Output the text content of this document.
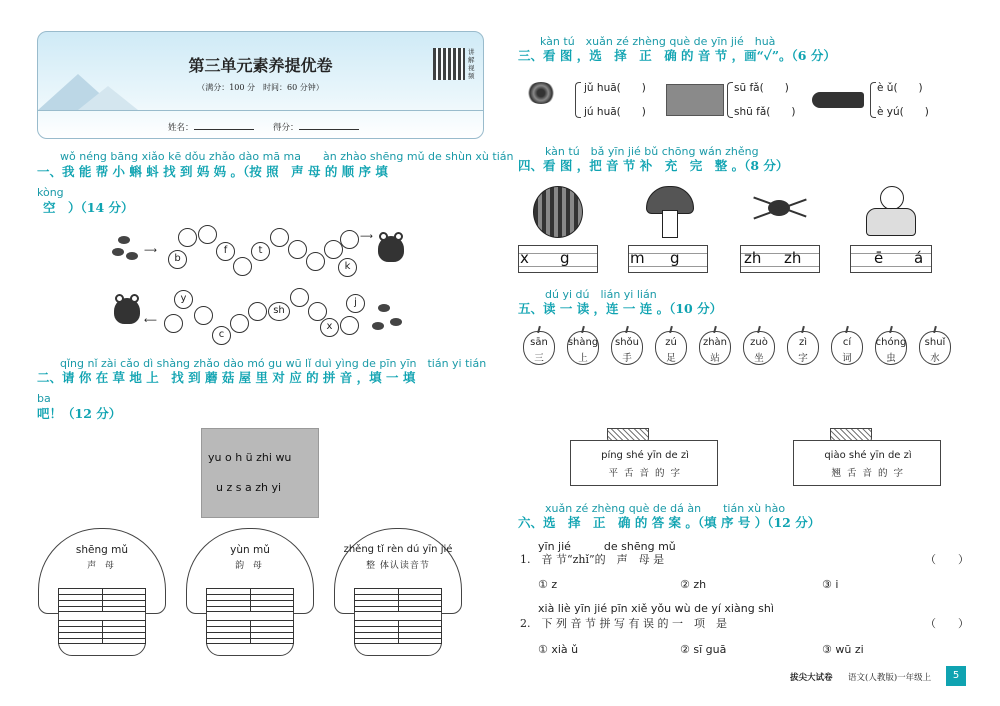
第三单元素养提优卷
（满分：100 分　时间：60 分钟）
讲解视频
姓名：	得分：
wǒ néng bāng xiǎo kē dǒu zhǎo dào mā ma　　àn zhào shēng mǔ de shùn xù tián
一、我 能 帮 小 蝌 蚪 找 到 妈 妈 。（按 照　声 母 的 顺 序 填
kòng
空　）（14 分）
⟶
b
f	t
k
⟶
⟵
y
c
sh
x
j
qǐng nǐ zài cǎo dì shàng zhǎo dào mó gu wū lǐ duì yìng de pīn yīn　tián yi tián
二、请 你 在 草 地 上　找 到 蘑 菇 屋 里 对 应 的 拼 音 ，填 一 填
ba
吧！（12 分）
yu o h ü zhi wu
u z s a zh yi
shēng mǔ
声 母
yùn mǔ
韵 母
zhěng tǐ rèn dú yīn jié
整 体认读音节
kàn tú　xuǎn zé zhèng què de yīn jié　huà
三、看 图 ，选　择　正　确 的 音 节 ，画“✓”。（6 分）
jǔ huā(　　)
jú huā(　　)
sū fǎ(　　)
shū fǎ(　　)
è ǔ(　　)
è yú(　　)
kàn tú　bǎ yīn jié bǔ chōng wán zhěng
四、看 图 ，把 音 节 补　充　完　整 。（8 分）
x g	m g	zh zh	ē á
dú yi dú　lián yi lián
五、读 一 读 ，连 一 连 。（10 分）
sān
三
shàng
上
shǒu
手
zú
足
zhàn
站
zuò
坐
zì
字
cí
词
chóng
虫
shuǐ
水
píng shé yīn de zì
平 舌 音 的 字
qiào shé yīn de zì
翘 舌 音 的 字
xuǎn zé zhèng què de dá àn　　tián xù hào
六、选　择　正　确 的 答 案 。（填 序 号 ）（12 分）
yīn jié　　　de shēng mǔ
1.　音 节“zhǐ”的　声　母 是	（　　）
① z	② zh	③ i
xià liè yīn jié pīn xiě yǒu wù de yí xiàng shì
2.　下 列 音 节 拼 写 有 误 的 一　项　是	（　　）
① xià ǔ	② sī guā	③ wū zi
拔尖大试卷 语文(人教版)一年级上	5
